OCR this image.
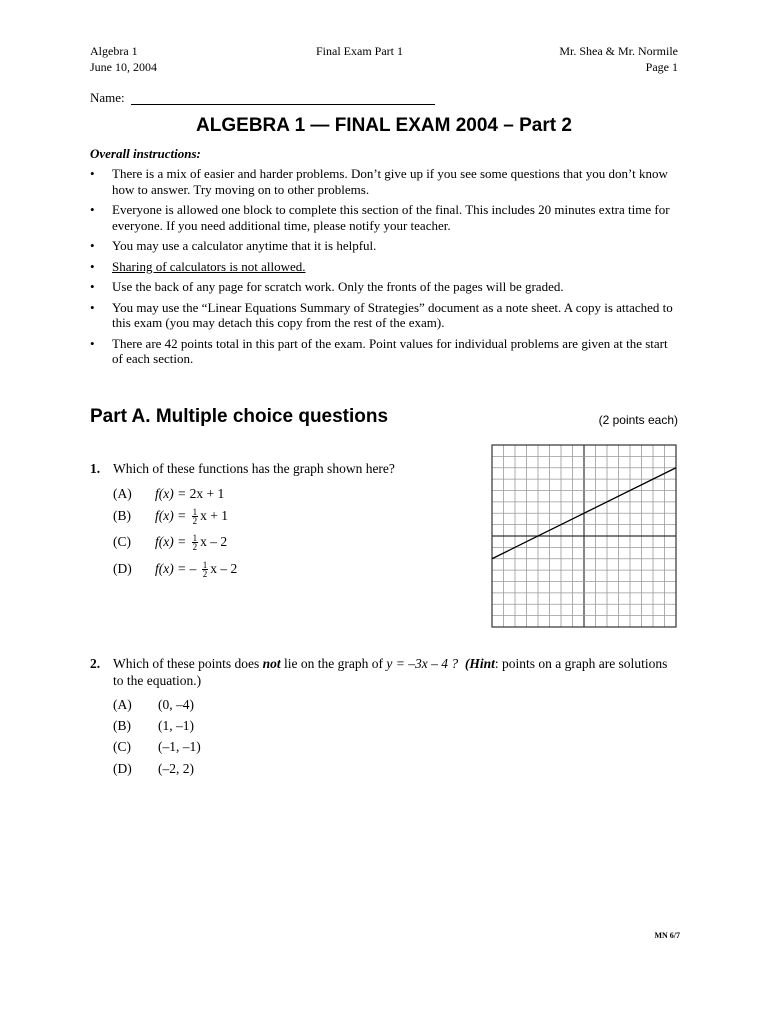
Algebra 1
June 10, 2004
Final Exam Part 1	Mr. Shea & Mr. Normile
Page 1
Name:
ALGEBRA 1 — FINAL EXAM 2004 – Part 2
Overall instructions:
• There is a mix of easier and harder problems. Don’t give up if you see some questions that you don’t know how to answer. Try moving on to other problems.
• Everyone is allowed one block to complete this section of the final. This includes 20 minutes extra time for everyone. If you need additional time, please notify your teacher.
• You may use a calculator anytime that it is helpful.
• Sharing of calculators is not allowed.
• Use the back of any page for scratch work. Only the fronts of the pages will be graded.
• You may use the “Linear Equations Summary of Strategies” document as a note sheet. A copy is attached to this exam (you may detach this copy from the rest of the exam).
• There are 42 points total in this part of the exam. Point values for individual problems are given at the start of each section.
Part A. Multiple choice questions	(2 points each)
1. Which of these functions has the graph shown here?
(A) f(x) = 2x + 1
(B) $f(x) = \frac{1}{2}$ x + 1
(C) $f(x) = \frac{1}{2}$ x – 2
(D) f(x) = – $\frac{1}{2}$ x – 2
2. Which of these points does not lie on the graph of y = –3x – 4 ? (Hint: points on a graph are solutions to the equation.)
(A) (0, –4)
(B) (1, –1)
(C) (–1, –1)
(D) (–2, 2)
MN 6/7
